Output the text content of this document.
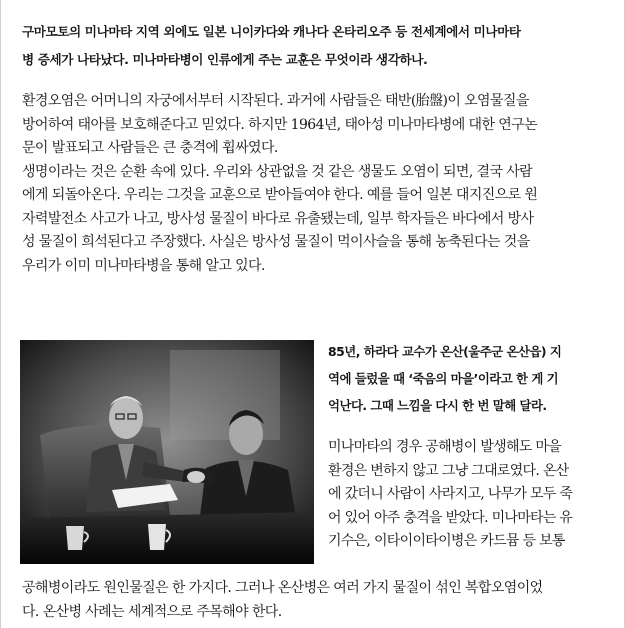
구마모토의 미나마타 지역 외에도 일본 니이카다와 캐나다 온타리오주 등 전세계에서 미나마타
병 증세가 나타났다. 미나마타병이 인류에게 주는 교훈은 무엇이라 생각하나.
환경오염은 어머니의 자궁에서부터 시작된다. 과거에 사람들은 태반(胎盤)이 오염물질을
방어하여 태아를 보호해준다고 믿었다. 하지만 1964년, 태아성 미나마타병에 대한 연구논
문이 발표되고 사람들은 큰 충격에 휩싸였다.
생명이라는 것은 순환 속에 있다. 우리와 상관없을 것 같은 생물도 오염이 되면, 결국 사람
에게 되돌아온다. 우리는 그것을 교훈으로 받아들여야 한다. 예를 들어 일본 대지진으로 원
자력발전소 사고가 나고, 방사성 물질이 바다로 유출됐는데, 일부 학자들은 바다에서 방사
성 물질이 희석된다고 주장했다. 사실은 방사성 물질이 먹이사슬을 통해 농축된다는 것을
우리가 이미 미나마타병을 통해 알고 있다.
85년, 하라다 교수가 온산(울주군 온산읍) 지
역에 들렀을 때 ‘죽음의 마을’이라고 한 게 기
억난다. 그때 느낌을 다시 한 번 말해 달라.
미나마타의 경우 공해병이 발생해도 마을
환경은 변하지 않고 그냥 그대로였다. 온산
에 갔더니 사람이 사라지고, 나무가 모두 죽
어 있어 아주 충격을 받았다. 미나마타는 유
기수은, 이타이이타이병은 카드뮴 등 보통
공해병이라도 원인물질은 한 가지다. 그러나 온산병은 여러 가지 물질이 섞인 복합오염이었
다. 온산병 사례는 세계적으로 주목해야 한다.
